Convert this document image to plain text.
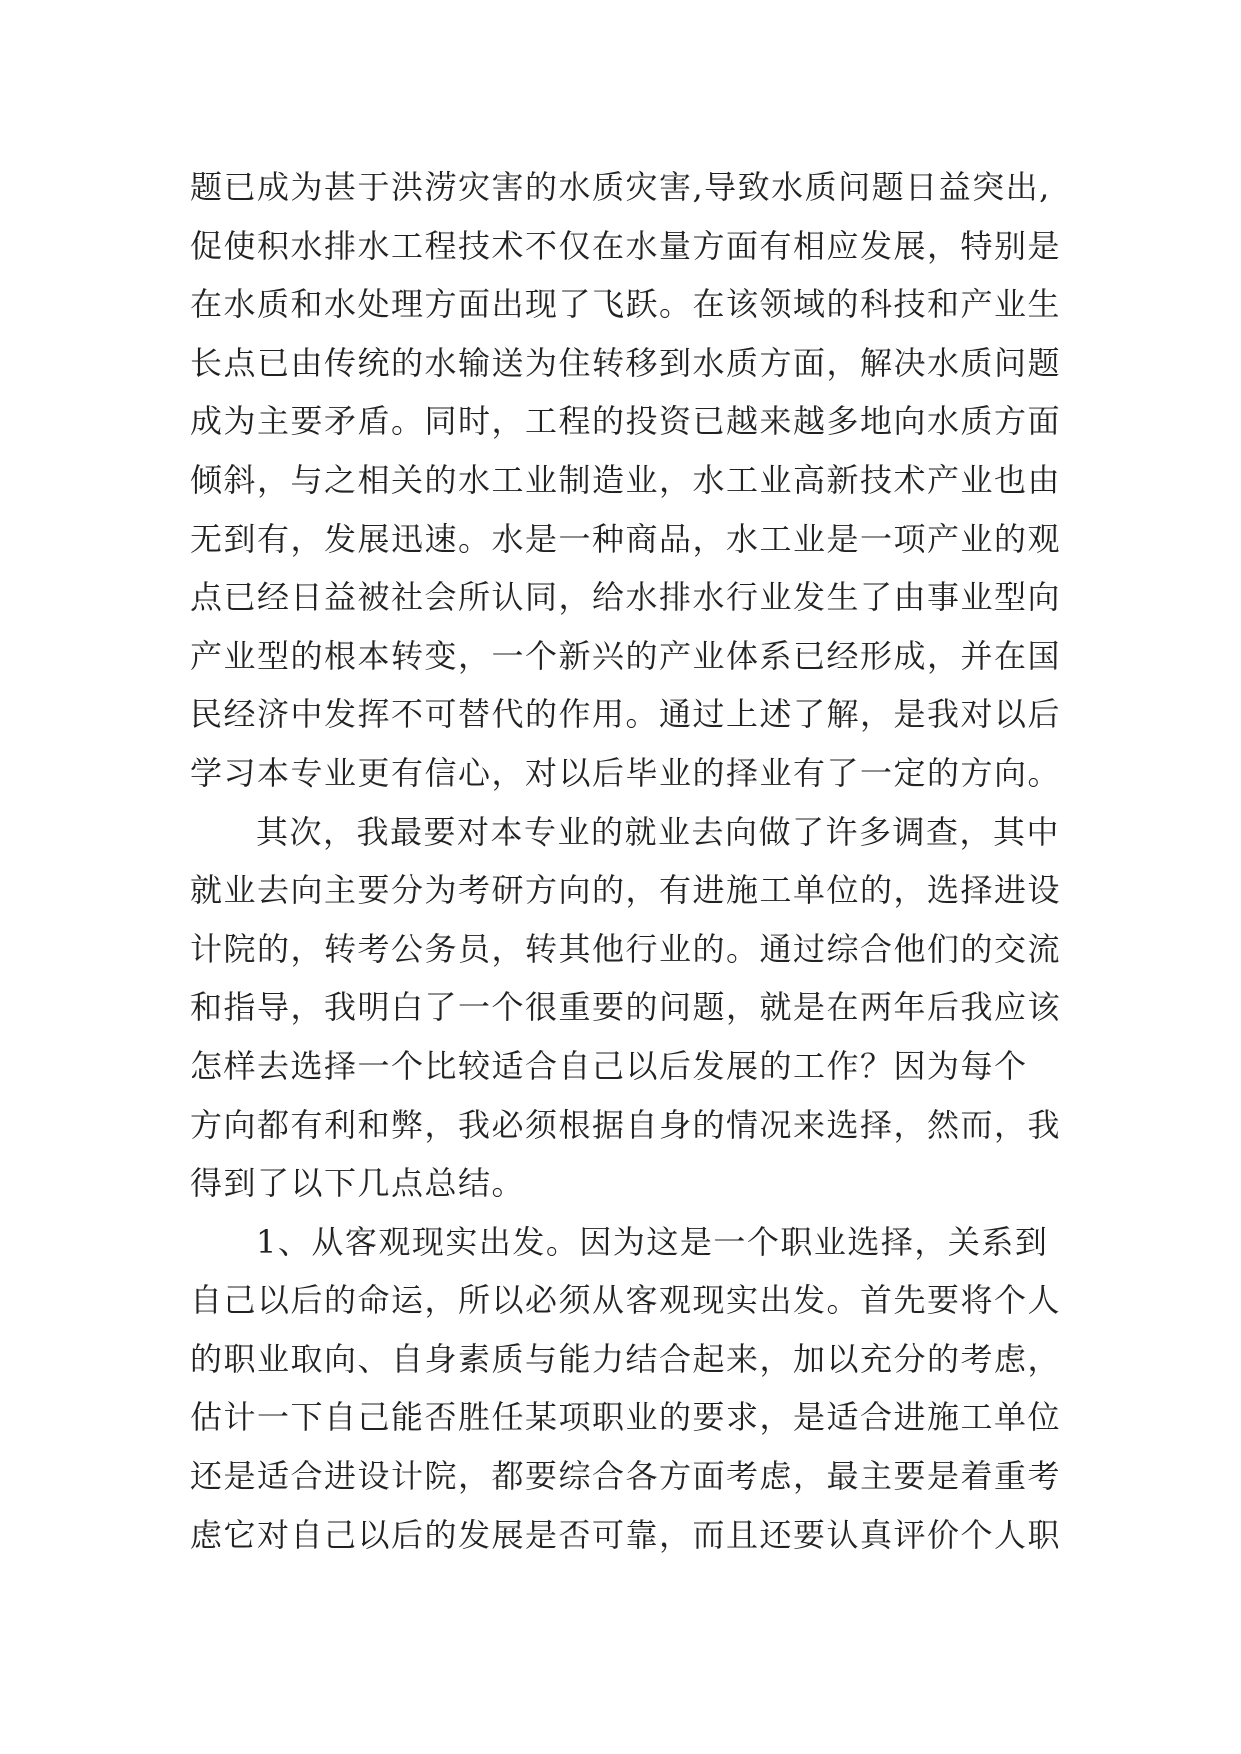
题已成为甚于洪涝灾害的水质灾害,导致水质问题日益突出,
促使积水排水工程技术不仅在水量方面有相应发展，特别是
在水质和水处理方面出现了飞跃。在该领域的科技和产业生
长点已由传统的水输送为住转移到水质方面，解决水质问题
成为主要矛盾。同时，工程的投资已越来越多地向水质方面
倾斜，与之相关的水工业制造业，水工业高新技术产业也由
无到有，发展迅速。水是一种商品，水工业是一项产业的观
点已经日益被社会所认同，给水排水行业发生了由事业型向
产业型的根本转变，一个新兴的产业体系已经形成，并在国
民经济中发挥不可替代的作用。通过上述了解，是我对以后
学习本专业更有信心，对以后毕业的择业有了一定的方向。
其次，我最要对本专业的就业去向做了许多调查，其中
就业去向主要分为考研方向的，有进施工单位的，选择进设
计院的，转考公务员，转其他行业的。通过综合他们的交流
和指导，我明白了一个很重要的问题，就是在两年后我应该
怎样去选择一个比较适合自己以后发展的工作？因为每个
方向都有利和弊，我必须根据自身的情况来选择，然而，我
得到了以下几点总结。
1、从客观现实出发。因为这是一个职业选择，关系到
自己以后的命运，所以必须从客观现实出发。首先要将个人
的职业取向、自身素质与能力结合起来，加以充分的考虑，
估计一下自己能否胜任某项职业的要求，是适合进施工单位
还是适合进设计院，都要综合各方面考虑，最主要是着重考
虑它对自己以后的发展是否可靠，而且还要认真评价个人职
